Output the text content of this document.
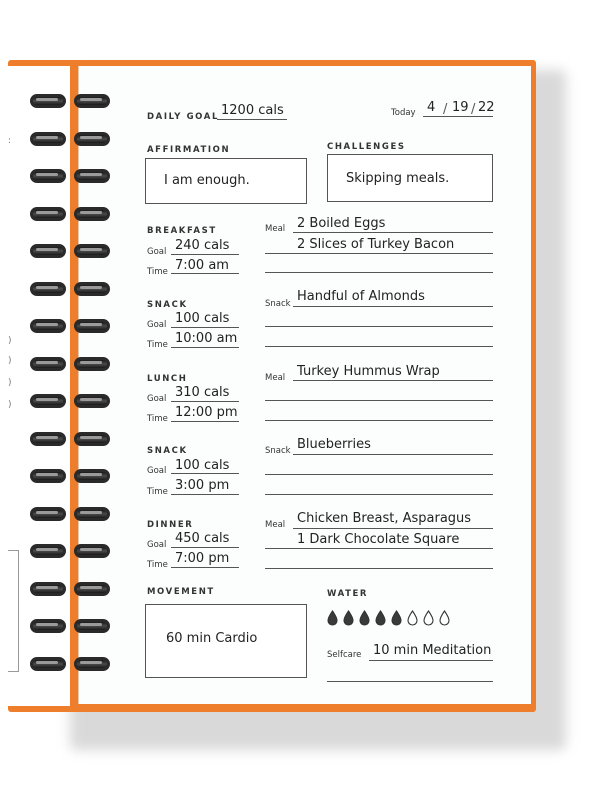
:
)
)
)
)
DAILY GOAL 1200 cals	Today 4 / 19 / 22
AFFIRMATION
I am enough.
CHALLENGES
Skipping meals.
BREAKFAST
Goal 240 cals
Time 7:00 am
Meal 2 Boiled Eggs
2 Slices of Turkey Bacon
SNACK
Goal 100 cals
Time 10:00 am
Snack Handful of Almonds
LUNCH
Goal 310 cals
Time 12:00 pm
Meal Turkey Hummus Wrap
SNACK
Goal 100 cals
Time 3:00 pm
Snack Blueberries
DINNER
Goal 450 cals
Time 7:00 pm
Meal Chicken Breast, Asparagus
1 Dark Chocolate Square
MOVEMENT
60 min Cardio
WATER
Selfcare 10 min Meditation
